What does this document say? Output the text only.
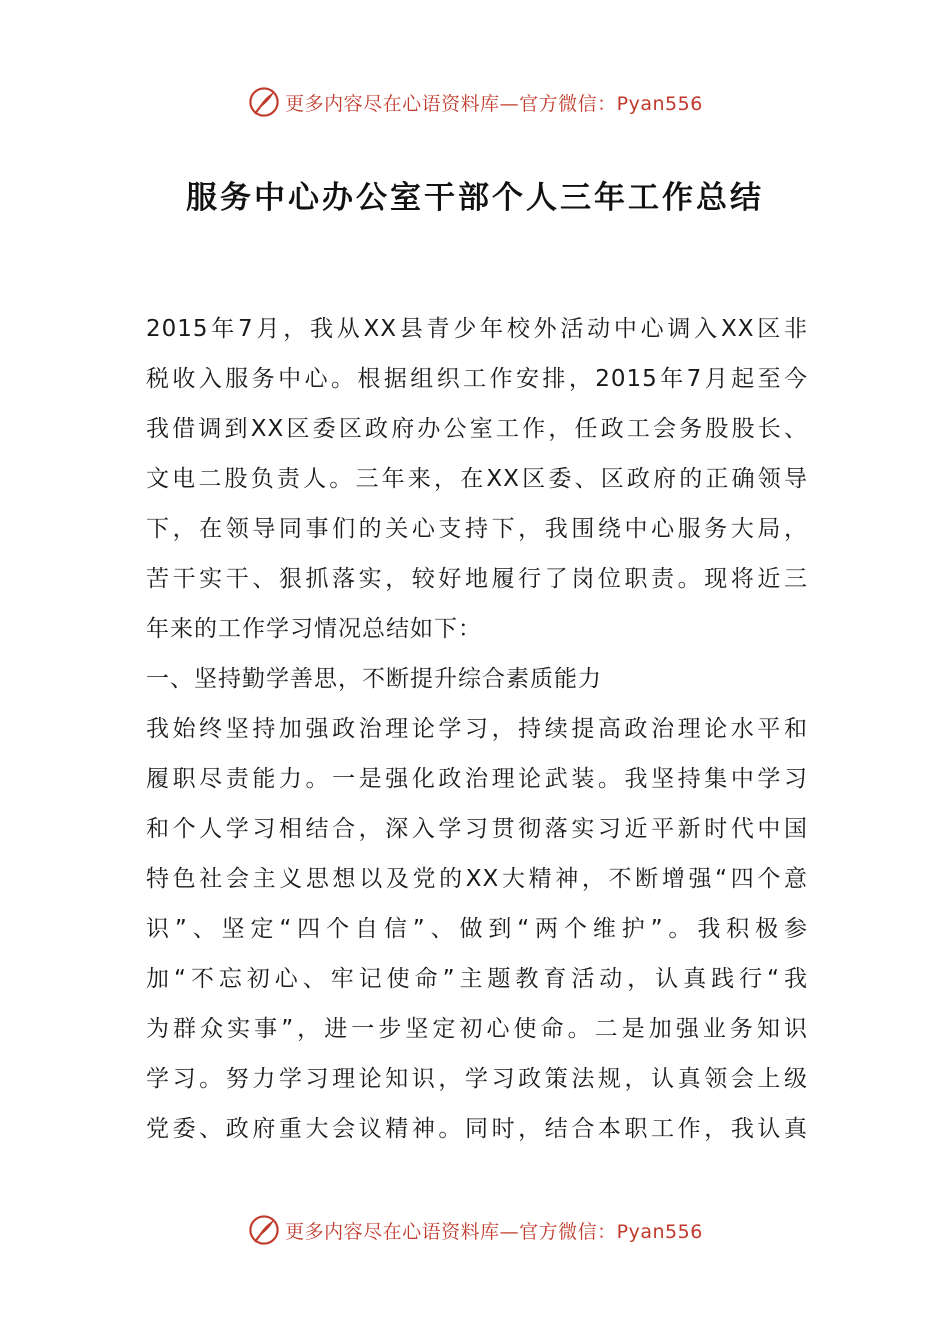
更多内容尽在心语资料库—官方微信：Pyan556
服务中心办公室干部个人三年工作总结
2015年7月，我从XX县青少年校外活动中心调入XX区非
税收入服务中心。根据组织工作安排，2015年7月起至今
我借调到XX区委区政府办公室工作，任政工会务股股长、
文电二股负责人。三年来，在XX区委、区政府的正确领导
下，在领导同事们的关心支持下，我围绕中心服务大局，
苦干实干、狠抓落实，较好地履行了岗位职责。现将近三
年来的工作学习情况总结如下：
一、坚持勤学善思，不断提升综合素质能力
我始终坚持加强政治理论学习，持续提高政治理论水平和
履职尽责能力。一是强化政治理论武装。我坚持集中学习
和个人学习相结合，深入学习贯彻落实习近平新时代中国
特色社会主义思想以及党的XX大精神，不断增强“四个意
识”、坚定“四个自信”、做到“两个维护”。我积极参
加“不忘初心、牢记使命”主题教育活动，认真践行“我
为群众实事”，进一步坚定初心使命。二是加强业务知识
学习。努力学习理论知识，学习政策法规，认真领会上级
党委、政府重大会议精神。同时，结合本职工作，我认真
更多内容尽在心语资料库—官方微信：Pyan556
